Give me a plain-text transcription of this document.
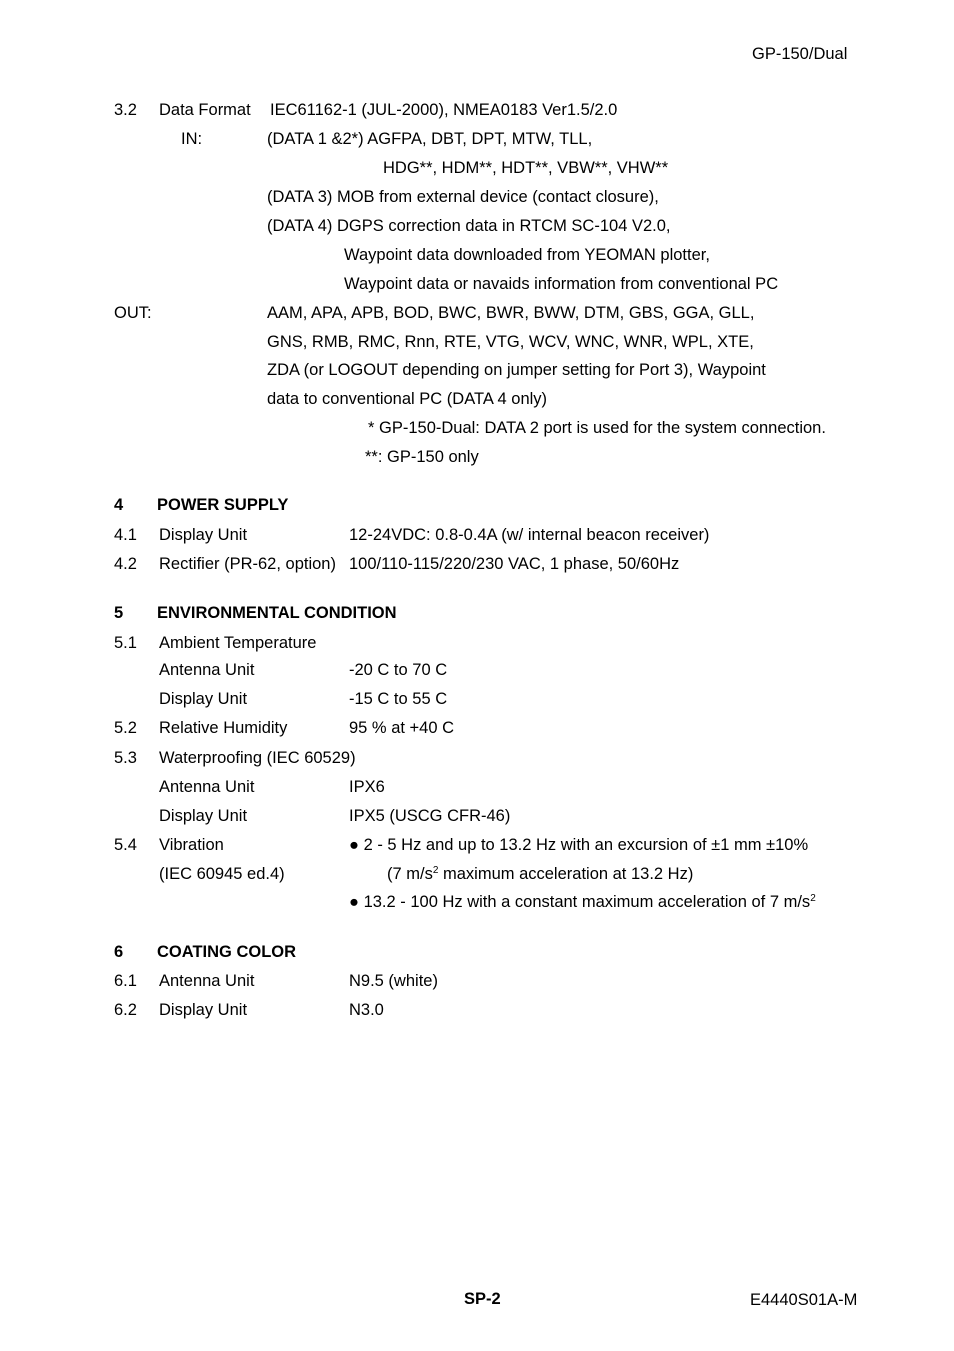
GP-150/Dual
3.2 Data Format IEC61162-1 (JUL-2000), NMEA0183 Ver1.5/2.0
IN:	(DATA 1 &2*) AGFPA, DBT, DPT, MTW, TLL,
HDG**, HDM**, HDT**, VBW**, VHW**
(DATA 3) MOB from external device (contact closure),
(DATA 4) DGPS correction data in RTCM SC-104 V2.0,
Waypoint data downloaded from YEOMAN plotter,
Waypoint data or navaids information from conventional PC
OUT:	AAM, APA, APB, BOD, BWC, BWR, BWW, DTM, GBS, GGA, GLL,
GNS, RMB, RMC, Rnn, RTE, VTG, WCV, WNC, WNR, WPL, XTE,
ZDA (or LOGOUT depending on jumper setting for Port 3), Waypoint
data to conventional PC (DATA 4 only)
* GP-150-Dual: DATA 2 port is used for the system connection.
**: GP-150 only
4 POWER SUPPLY
4.1 Display Unit	12-24VDC: 0.8-0.4A (w/ internal beacon receiver)
4.2 Rectifier (PR-62, option) 100/110-115/220/230 VAC, 1 phase, 50/60Hz
5 ENVIRONMENTAL CONDITION
5.1 Ambient Temperature
Antenna Unit	-20 C to 70 C
Display Unit	-15 C to 55 C
5.2 Relative Humidity	95 % at +40 C
5.3 Waterproofing (IEC 60529)
Antenna Unit	IPX6
Display Unit	IPX5 (USCG CFR-46)
5.4 Vibration	● 2 - 5 Hz and up to 13.2 Hz with an excursion of ±1 mm ±10%
(IEC 60945 ed.4)	(7 $m/s^2$ maximum acceleration at 13.2 Hz)
● 13.2 - 100 Hz with a constant maximum acceleration of 7 $m/s^2$
6 COATING COLOR
6.1 Antenna Unit	N9.5 (white)
6.2 Display Unit	N3.0
SP-2	E4440S01A-M
